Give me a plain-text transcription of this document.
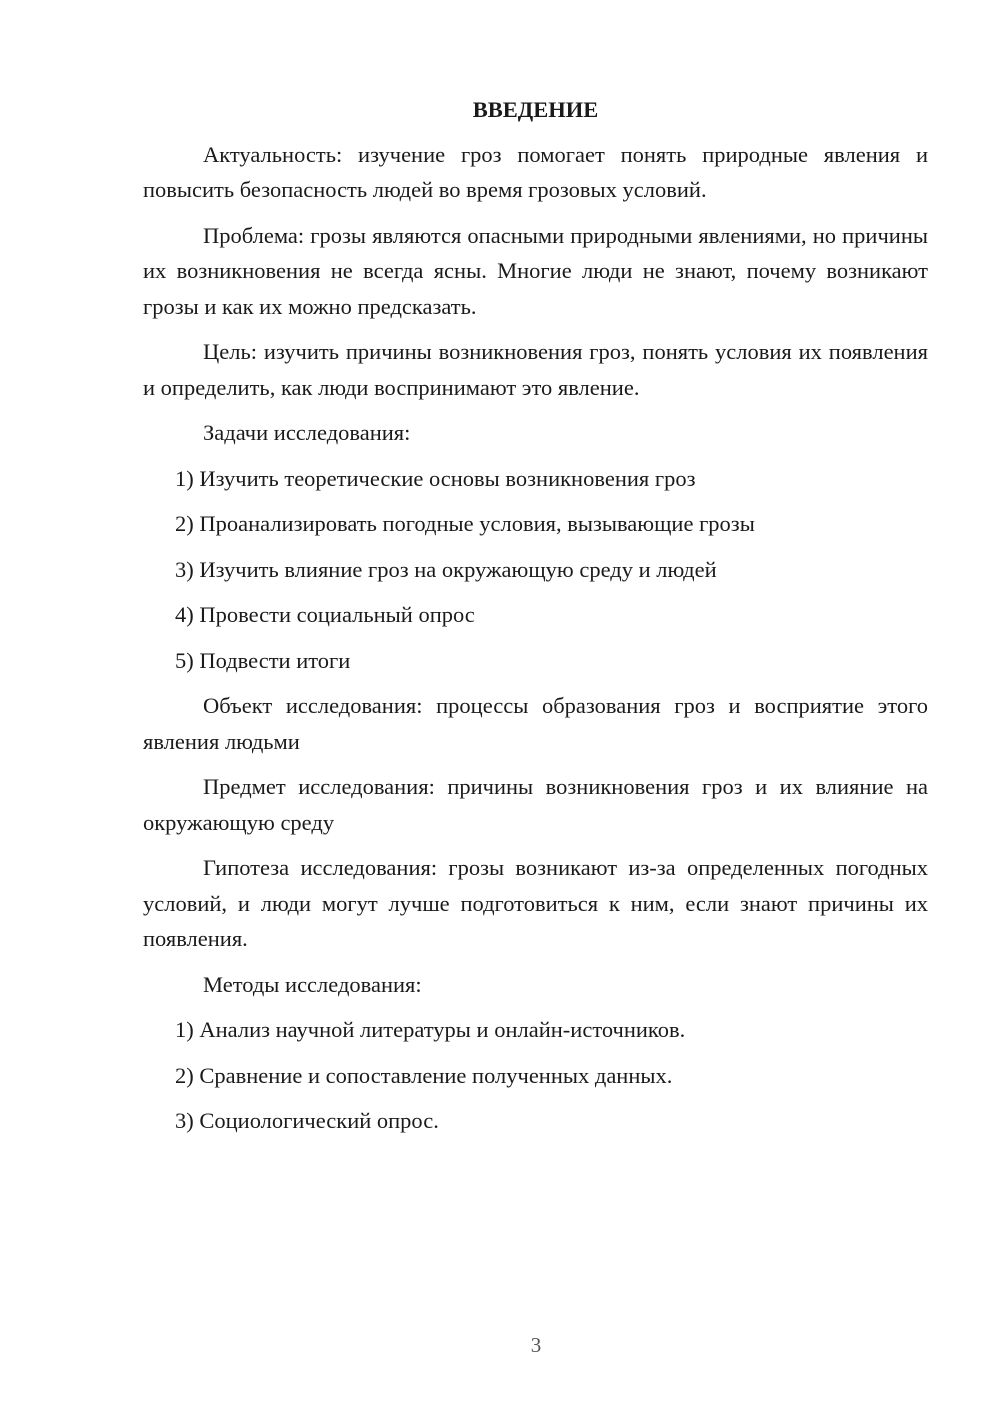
ВВЕДЕНИЕ

Актуальность: изучение гроз помогает понять природные явления и повысить безопасность людей во время грозовых условий.

Проблема: грозы являются опасными природными явлениями, но причины их возникновения не всегда ясны. Многие люди не знают, почему возникают грозы и как их можно предсказать.

Цель: изучить причины возникновения гроз, понять условия их появления и определить, как люди воспринимают это явление.

Задачи исследования:

1) Изучить теоретические основы возникновения гроз
2) Проанализировать погодные условия, вызывающие грозы
3) Изучить влияние гроз на окружающую среду и людей
4) Провести социальный опрос
5) Подвести итоги

Объект исследования: процессы образования гроз и восприятие этого явления людьми

Предмет исследования: причины возникновения гроз и их влияние на окружающую среду

Гипотеза исследования: грозы возникают из-за определенных погодных условий, и люди могут лучше подготовиться к ним, если знают причины их появления.

Методы исследования:

1) Анализ научной литературы и онлайн-источников.
2) Сравнение и сопоставление полученных данных.
3) Социологический опрос.
3
